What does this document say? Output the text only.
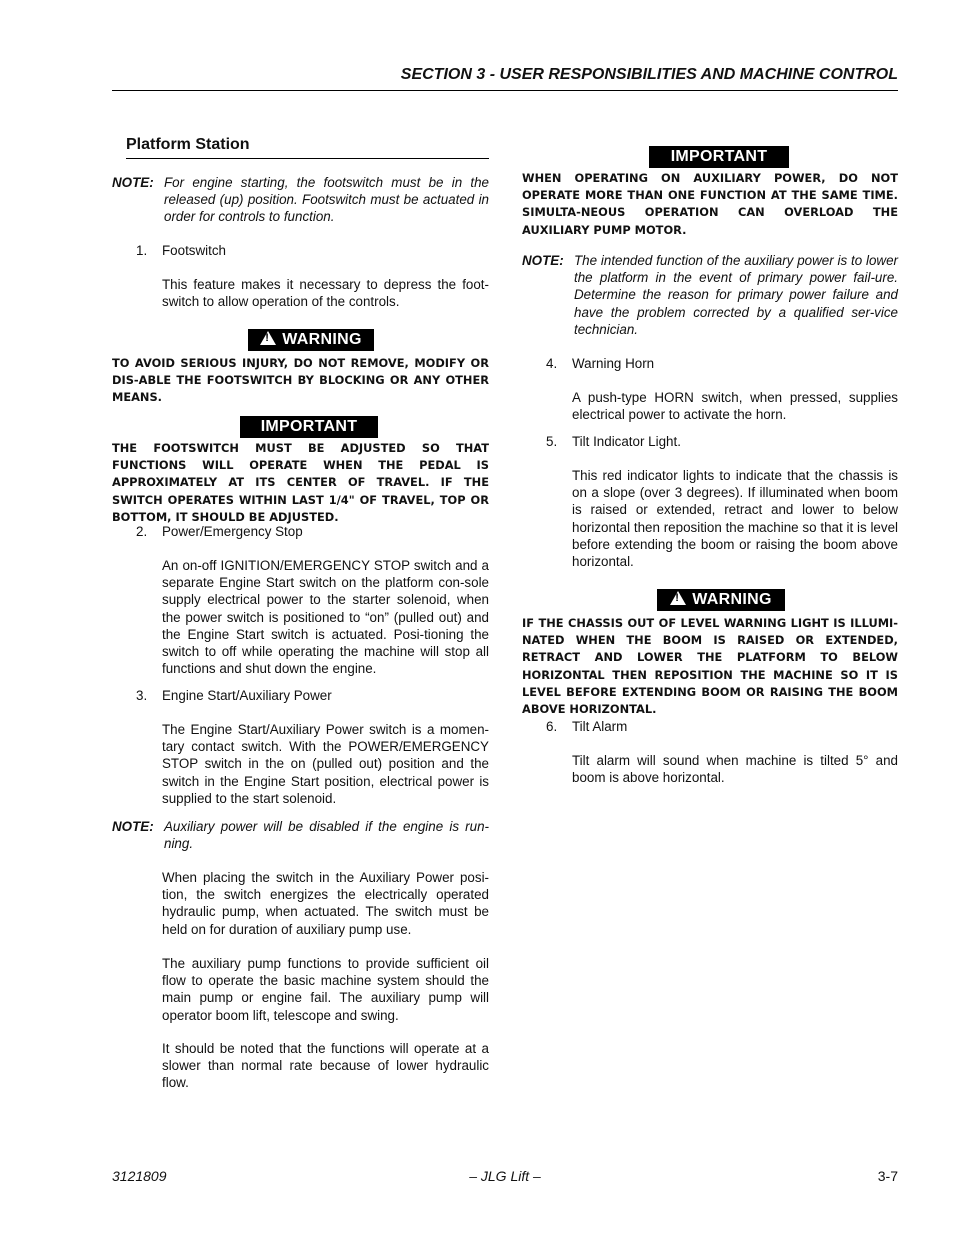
SECTION 3 - USER RESPONSIBILITIES AND MACHINE CONTROL
Platform Station
NOTE: For engine starting, the footswitch must be in the released (up) position. Footswitch must be actuated in order for controls to function.
1. Footswitch
This feature makes it necessary to depress the foot-switch to allow operation of the controls.
!WARNING
TO AVOID SERIOUS INJURY, DO NOT REMOVE, MODIFY OR DIS-ABLE THE FOOTSWITCH BY BLOCKING OR ANY OTHER MEANS.
IMPORTANT
THE FOOTSWITCH MUST BE ADJUSTED SO THAT FUNCTIONS WILL OPERATE WHEN THE PEDAL IS APPROXIMATELY AT ITS CENTER OF TRAVEL. IF THE SWITCH OPERATES WITHIN LAST 1/4" OF TRAVEL, TOP OR BOTTOM, IT SHOULD BE ADJUSTED.
2. Power/Emergency Stop
An on-off IGNITION/EMERGENCY STOP switch and a separate Engine Start switch on the platform con-sole supply electrical power to the starter solenoid, when the power switch is positioned to “on” (pulled out) and the Engine Start switch is actuated. Posi-tioning the switch to off while operating the machine will stop all functions and shut down the engine.
3. Engine Start/Auxiliary Power
The Engine Start/Auxiliary Power switch is a momen-tary contact switch. With the POWER/EMERGENCY STOP switch in the on (pulled out) position and the switch in the Engine Start position, electrical power is supplied to the start solenoid.
NOTE: Auxiliary power will be disabled if the engine is run-ning.
When placing the switch in the Auxiliary Power posi-tion, the switch energizes the electrically operated hydraulic pump, when actuated. The switch must be held on for duration of auxiliary pump use.
The auxiliary pump functions to provide sufficient oil flow to operate the basic machine system should the main pump or engine fail. The auxiliary pump will operator boom lift, telescope and swing.
It should be noted that the functions will operate at a slower than normal rate because of lower hydraulic flow.
IMPORTANT
WHEN OPERATING ON AUXILIARY POWER, DO NOT OPERATE MORE THAN ONE FUNCTION AT THE SAME TIME. SIMULTA-NEOUS OPERATION CAN OVERLOAD THE AUXILIARY PUMP MOTOR.
NOTE: The intended function of the auxiliary power is to lower the platform in the event of primary power fail-ure. Determine the reason for primary power failure and have the problem corrected by a qualified ser-vice technician.
4. Warning Horn
A push-type HORN switch, when pressed, supplies electrical power to activate the horn.
5. Tilt Indicator Light.
This red indicator lights to indicate that the chassis is on a slope (over 3 degrees). If illuminated when boom is raised or extended, retract and lower to below horizontal then reposition the machine so that it is level before extending the boom or raising the boom above horizontal.
!WARNING
IF THE CHASSIS OUT OF LEVEL WARNING LIGHT IS ILLUMI-NATED WHEN THE BOOM IS RAISED OR EXTENDED, RETRACT AND LOWER THE PLATFORM TO BELOW HORIZONTAL THEN REPOSITION THE MACHINE SO IT IS LEVEL BEFORE EXTENDING BOOM OR RAISING THE BOOM ABOVE HORIZONTAL.
6. Tilt Alarm
Tilt alarm will sound when machine is tilted 5° and boom is above horizontal.
3121809	– JLG Lift –	3-7
